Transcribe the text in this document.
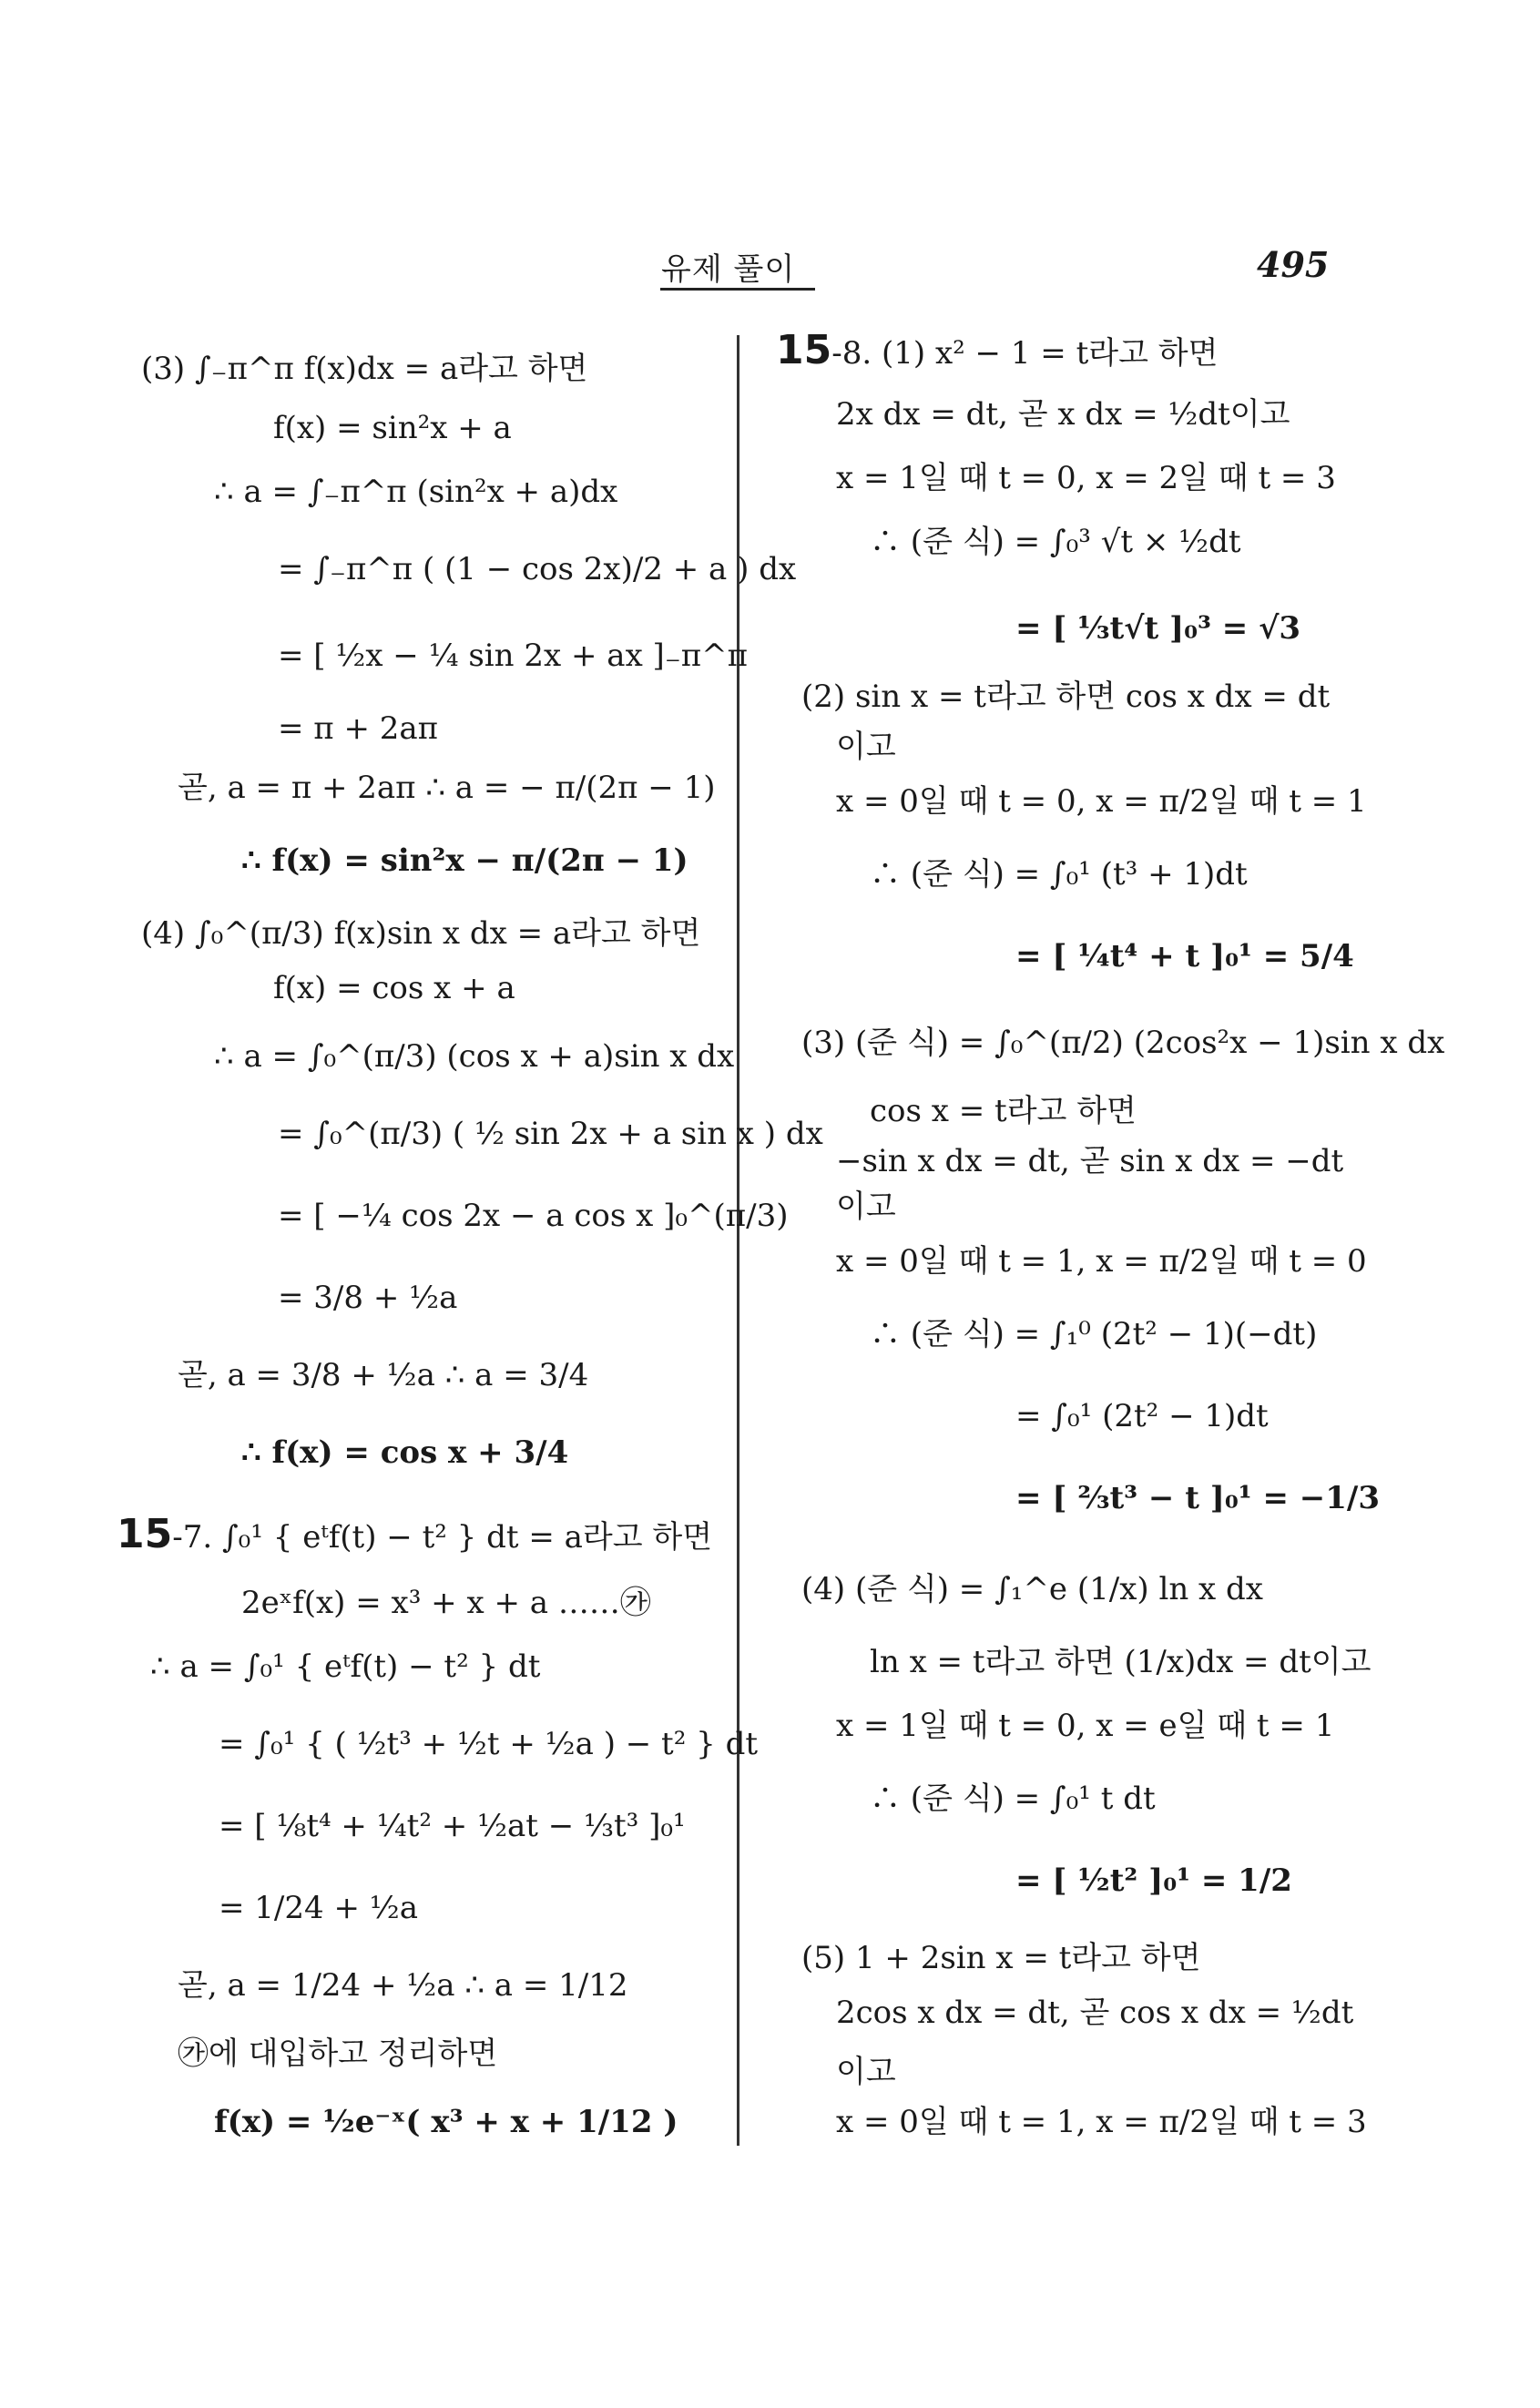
유제 풀이	495
(3) ∫₋π^π f(x)dx = a라고 하면
f(x) = sin²x + a
∴ a = ∫₋π^π (sin²x + a)dx
= ∫₋π^π ( (1 − cos 2x)/2 + a ) dx
= [ ½x − ¼ sin 2x + ax ]₋π^π
= π + 2aπ
곧, a = π + 2aπ ∴ a = − π/(2π − 1)
∴ f(x) = sin²x − π/(2π − 1)
(4) ∫₀^(π/3) f(x)sin x dx = a라고 하면
f(x) = cos x + a
∴ a = ∫₀^(π/3) (cos x + a)sin x dx
= ∫₀^(π/3) ( ½ sin 2x + a sin x ) dx
= [ −¼ cos 2x − a cos x ]₀^(π/3)
= 3/8 + ½a
곧, a = 3/8 + ½a ∴ a = 3/4
∴ f(x) = cos x + 3/4
15-7. ∫₀¹ { eᵗf(t) − t² } dt = a라고 하면
2eˣf(x) = x³ + x + a ……㉮
∴ a = ∫₀¹ { eᵗf(t) − t² } dt
= ∫₀¹ { ( ½t³ + ½t + ½a ) − t² } dt
= [ ⅛t⁴ + ¼t² + ½at − ⅓t³ ]₀¹
= 1/24 + ½a
곧, a = 1/24 + ½a ∴ a = 1/12
㉮에 대입하고 정리하면
f(x) = ½e⁻ˣ( x³ + x + 1/12 )
15-8. (1) x² − 1 = t라고 하면
2x dx = dt, 곧 x dx = ½dt이고
x = 1일 때 t = 0, x = 2일 때 t = 3
∴ (준 식) = ∫₀³ √t × ½dt
= [ ⅓t√t ]₀³ = √3
(2) sin x = t라고 하면 cos x dx = dt
이고
x = 0일 때 t = 0, x = π/2일 때 t = 1
∴ (준 식) = ∫₀¹ (t³ + 1)dt
= [ ¼t⁴ + t ]₀¹ = 5/4
(3) (준 식) = ∫₀^(π/2) (2cos²x − 1)sin x dx
cos x = t라고 하면
−sin x dx = dt, 곧 sin x dx = −dt
이고
x = 0일 때 t = 1, x = π/2일 때 t = 0
∴ (준 식) = ∫₁⁰ (2t² − 1)(−dt)
= ∫₀¹ (2t² − 1)dt
= [ ⅔t³ − t ]₀¹ = −1/3
(4) (준 식) = ∫₁^e (1/x) ln x dx
ln x = t라고 하면 (1/x)dx = dt이고
x = 1일 때 t = 0, x = e일 때 t = 1
∴ (준 식) = ∫₀¹ t dt
= [ ½t² ]₀¹ = 1/2
(5) 1 + 2sin x = t라고 하면
2cos x dx = dt, 곧 cos x dx = ½dt
이고
x = 0일 때 t = 1, x = π/2일 때 t = 3
